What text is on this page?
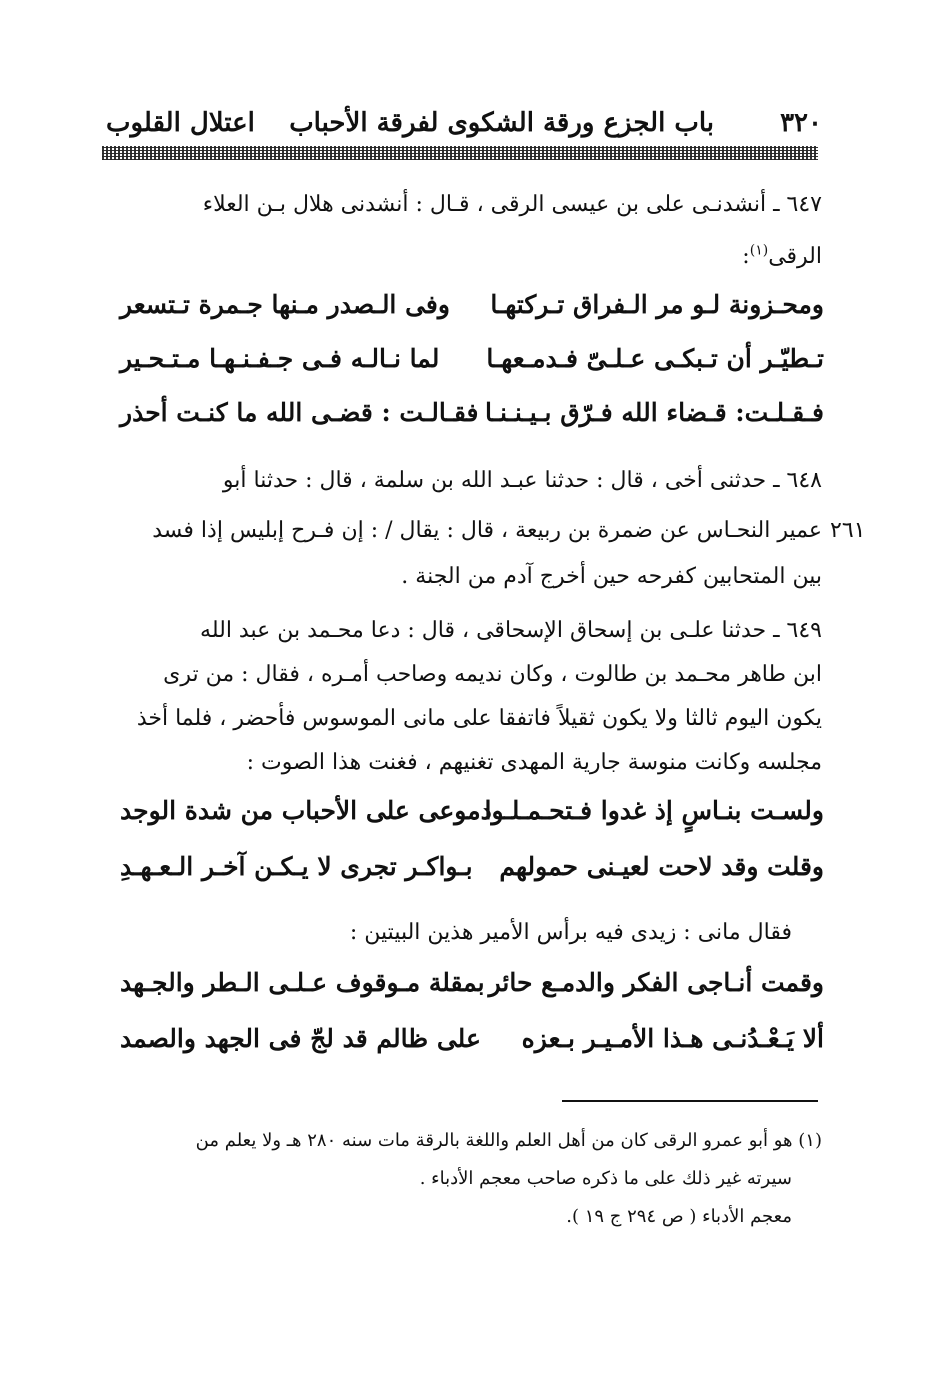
٣٢٠
باب الجزع ورقة الشكوى لفرقة الأحباب
اعتلال القلوب
٦٤٧ ـ أنشدنـى على بن عيسى الرقى ، قـال : أنشدنى هلال بـن العلاء
الرقى$^{(١)}$:
ومحـزونة لـو مر الـفراق تـركتهـا
وفى الـصدر مـنها جـمرة تـتسعر
تـطيّـر أن تـبكـى عـلـىّ فـدمـعهـا
لما نـالـه فـى جـفـنـهـا مـتـحـير
فـقـلـت: قـضاء الله فـرّق بـيـنـنـا
فقـالـت : قضـى الله ما كنـت أحذر
٦٤٨ ـ حدثنى أخى ، قال : حدثنا عبـد الله بن سلمة ، قال : حدثنا أبو
عمير النحـاس عن ضمرة بن ربيعة ، قال : يقال / : إن فـرح إبليس إذا فسد ٢٦١
بين المتحابين كفرحه حين أخرج آدم من الجنة .
٦٤٩ ـ حدثنا علـى بن إسحاق الإسحاقى ، قال : دعا محـمد بن عبد الله
ابن طاهر محـمد بن طالوت ، وكان نديمه وصاحب أمـره ، فقال : من ترى
يكون اليوم ثالثا ولا يكون ثقيلاً فاتفقا على مانى الموسوس فأحضر ، فلما أخذ
مجلسه وكانت منوسة جارية المهدى تغنيهم ، فغنت هذا الصوت :
ولسـت بنـاسٍ إذ غدوا فـتحـمـلـوا
دموعى على الأحباب من شدة الوجد
وقلت وقد لاحت لعيـنى حمولهم
بـواكـر تجرى لا يـكـن آخـر الـعـهـدِ
فقال مانى : زيدى فيه برأس الأمير هذين البيتين :
وقمت أنـاجى الفكر والدمـع حائر
بمقلة مـوقوف عـلـى الـطر والجـهد
ألا يَـعْـدُنـى هـذا الأمـيـر بـعزه
على ظالم قد لجّ فى الجهد والصمد
(١) هو أبو عمرو الرقى كان من أهل العلم واللغة بالرقة مات سنه ٢٨٠ هـ ولا يعلم من
سيرته غير ذلك على ما ذكره صاحب معجم الأدباء .
معجم الأدباء ( ص ٢٩٤ ج ١٩ ).
